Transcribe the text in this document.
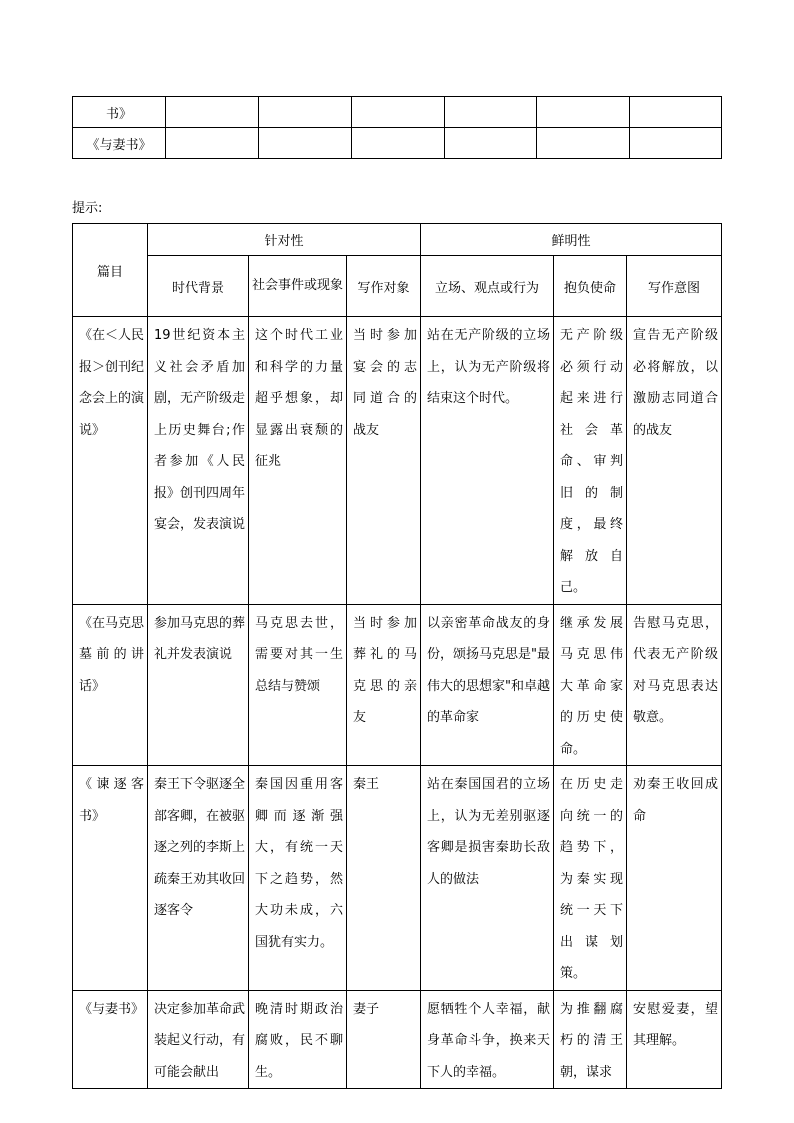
书》						
《与妻书》						
提示:
篇目	针对性			鲜明性		
	时代背景	社会事件或现象	写作对象	立场、观点或行为	抱负使命	写作意图
《在＜人民报＞创刊纪念会上的演说》	19世纪资本主义社会矛盾加剧，无产阶级走上历史舞台;作者参加《人民报》创刊四周年宴会，发表演说	这个时代工业和科学的力量超乎想象，却显露出衰颓的征兆	当时参加宴会的志同道合的战友	站在无产阶级的立场上，认为无产阶级将结束这个时代。	无产阶级必须行动起来进行社会革命、审判旧的制度，最终解放自己。	宣告无产阶级必将解放，以激励志同道合的战友
《在马克思墓前的讲话》	参加马克思的葬礼并发表演说	马克思去世，需要对其一生总结与赞颂	当时参加葬礼的马克思的亲友	以亲密革命战友的身份，颂扬马克思是"最伟大的思想家"和卓越的革命家	继承发展马克思伟大革命家的历史使命。	告慰马克思，代表无产阶级对马克思表达敬意。
《谏逐客书》	秦王下令驱逐全部客卿，在被驱逐之列的李斯上疏秦王劝其收回逐客令	秦国因重用客卿而逐渐强大，有统一天下之趋势，然大功未成，六国犹有实力。	秦王	站在秦国国君的立场上，认为无差别驱逐客卿是损害秦助长敌人的做法	在历史走向统一的趋势下，为秦实现统一天下出谋划策。	劝秦王收回成命
《与妻书》	决定参加革命武装起义行动，有可能会献出	晚清时期政治腐败，民不聊生。	妻子	愿牺牲个人幸福，献身革命斗争，换来天下人的幸福。	为推翻腐朽的清王朝，谋求	安慰爱妻，望其理解。
